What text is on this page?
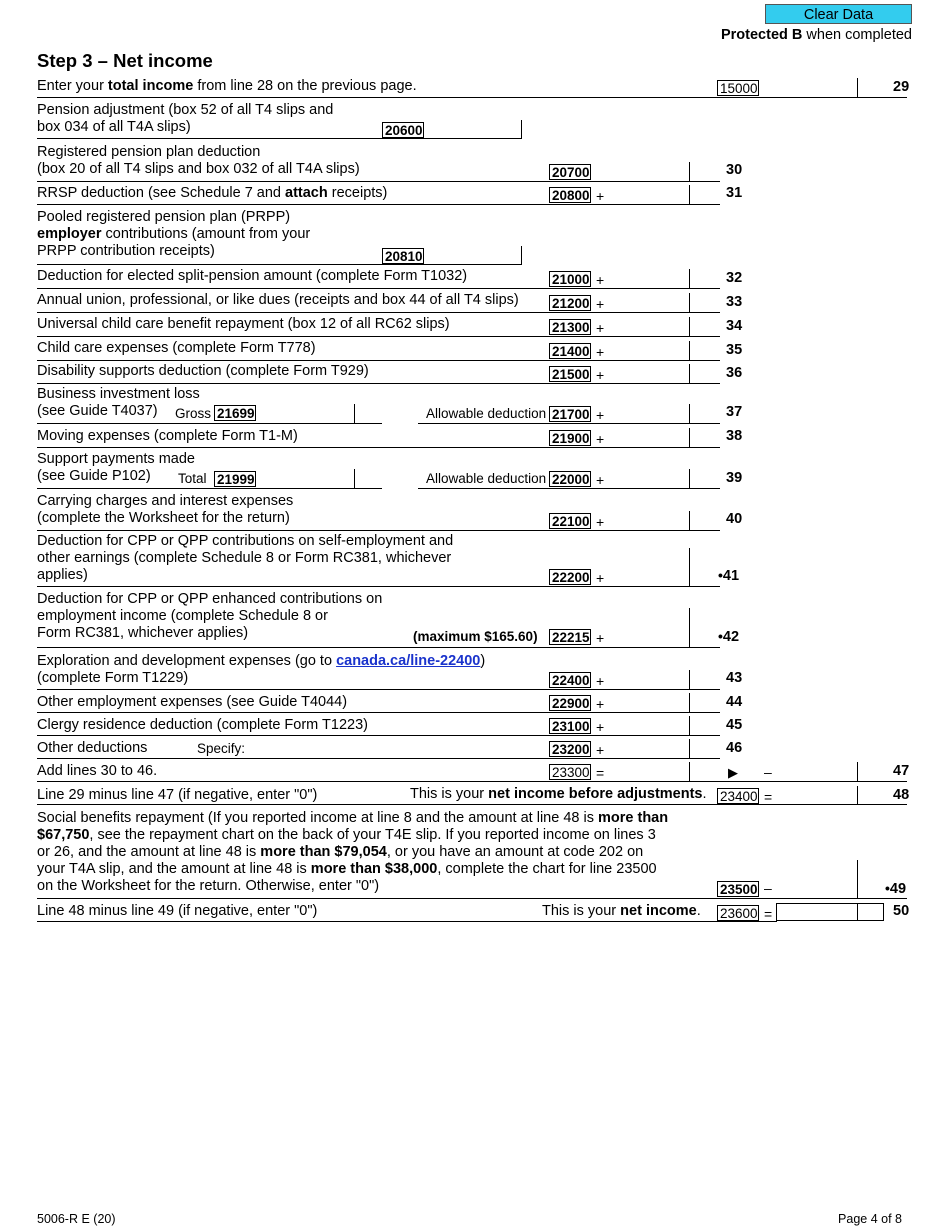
Clear Data
Protected B when completed
Step 3 – Net income
Enter your total income from line 28 on the previous page.	15000	29
Pension adjustment (box 52 of all T4 slips and
box 034 of all T4A slips)	20600
Registered pension plan deduction
(box 20 of all T4 slips and box 032 of all T4A slips)	20700	30
RRSP deduction (see Schedule 7 and attach receipts)	20800 +	31
Pooled registered pension plan (PRPP)
employer contributions (amount from your
PRPP contribution receipts)	20810
Deduction for elected split-pension amount (complete Form T1032)	21000 +	32
Annual union, professional, or like dues (receipts and box 44 of all T4 slips) 21200 +	33
Universal child care benefit repayment (box 12 of all RC62 slips)	21300 +	34
Child care expenses (complete Form T778)	21400 +	35
Disability supports deduction (complete Form T929)	21500 +	36
Business investment loss
(see Guide T4037) Gross 21699	Allowable deduction 21700 +	37
Moving expenses (complete Form T1-M)	21900 +	38
Support payments made
(see Guide P102) Total 21999	Allowable deduction 22000 +	39
Carrying charges and interest expenses
(complete the Worksheet for the return)	22100 +	40
Deduction for CPP or QPP contributions on self-employment and
other earnings (complete Schedule 8 or Form RC381, whichever
applies)	22200 +	•41
Deduction for CPP or QPP enhanced contributions on
employment income (complete Schedule 8 or
Form RC381, whichever applies)	(maximum $165.60) 22215 +	•42
Exploration and development expenses (go to canada.ca/line-22400)
(complete Form T1229)	22400 +	43
Other employment expenses (see Guide T4044)	22900 +	44
Clergy residence deduction (complete Form T1223)	23100 +	45
Other deductions	Specify:	23200 +	46
Add lines 30 to 46.	23300 =	▶ –	47
Line 29 minus line 47 (if negative, enter "0")	This is your net income before adjustments. 23400 =	48
Social benefits repayment (If you reported income at line 8 and the amount at line 48 is more than
$67,750, see the repayment chart on the back of your T4E slip. If you reported income on lines 3
or 26, and the amount at line 48 is more than $79,054, or you have an amount at code 202 on
your T4A slip, and the amount at line 48 is more than $38,000, complete the chart for line 23500
on the Worksheet for the return. Otherwise, enter "0")	23500 –	•49
Line 48 minus line 49 (if negative, enter "0")	This is your net income. 23600 =	50
5006-R E (20)	Page 4 of 8
